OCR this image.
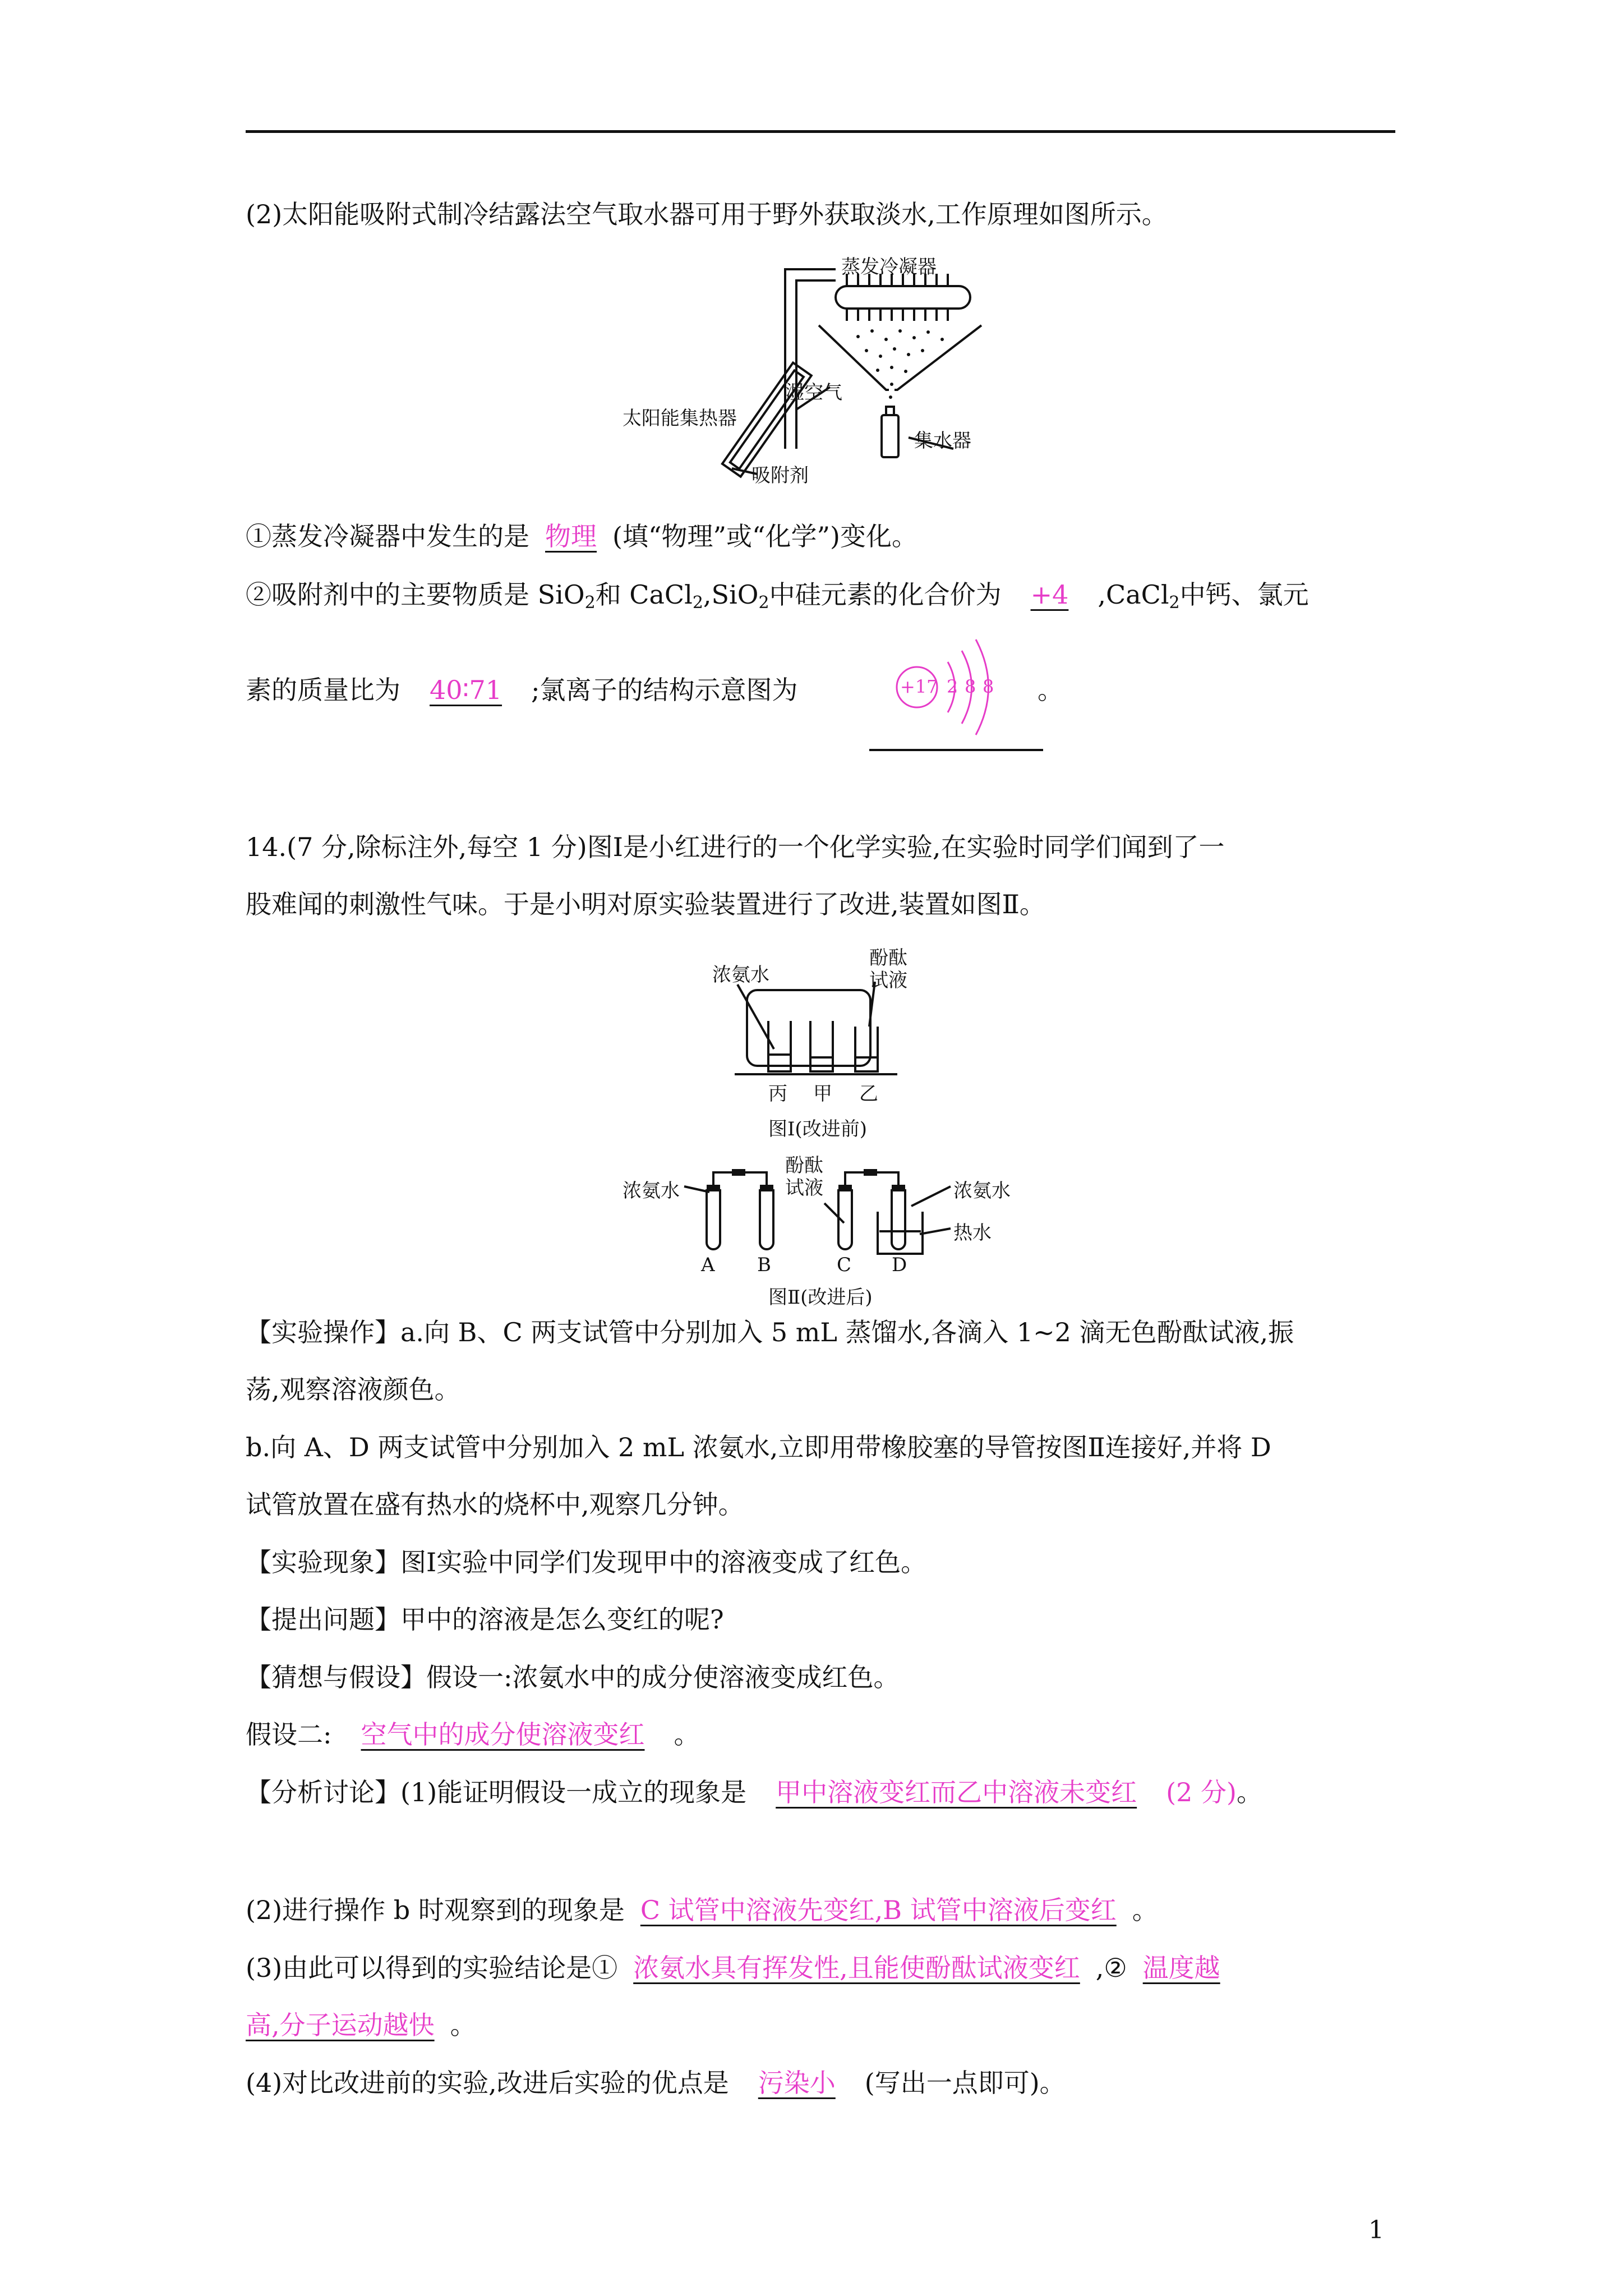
(2)太阳能吸附式制冷结露法空气取水器可用于野外获取淡水,工作原理如图所示。
蒸发冷凝器
湿空气
太阳能集热器
集水器
吸附剂
①蒸发冷凝器中发生的是 物理 (填“物理”或“化学”)变化。
②吸附剂中的主要物质是 SiO$_2$和 CaCl$_2$,SiO$_2$中硅元素的化合价为 +4 ,CaCl$_2$中钙、氯元
素的质量比为 40∶71 ;氯离子的结构示意图为	+17 2 8 8 。
14.(7 分,除标注外,每空 1 分)图Ⅰ是小红进行的一个化学实验,在实验时同学们闻到了一
股难闻的刺激性气味。于是小明对原实验装置进行了改进,装置如图Ⅱ。
浓氨水
酚酞
试液
丙 甲 乙
图Ⅰ(改进前)
浓氨水
酚酞
试液	浓氨水
热水
A B	C D
图Ⅱ(改进后)
【实验操作】a.向 B、C 两支试管中分别加入 5 mL 蒸馏水,各滴入 1~2 滴无色酚酞试液,振
荡,观察溶液颜色。
b.向 A、D 两支试管中分别加入 2 mL 浓氨水,立即用带橡胶塞的导管按图Ⅱ连接好,并将 D
试管放置在盛有热水的烧杯中,观察几分钟。
【实验现象】图Ⅰ实验中同学们发现甲中的溶液变成了红色。
【提出问题】甲中的溶液是怎么变红的呢?
【猜想与假设】假设一:浓氨水中的成分使溶液变成红色。
假设二: 空气中的成分使溶液变红 。
【分析讨论】(1)能证明假设一成立的现象是 甲中溶液变红而乙中溶液未变红 (2 分)。
(2)进行操作 b 时观察到的现象是 C 试管中溶液先变红,B 试管中溶液后变红 。
(3)由此可以得到的实验结论是① 浓氨水具有挥发性,且能使酚酞试液变红 ,② 温度越
高,分子运动越快 。
(4)对比改进前的实验,改进后实验的优点是 污染小 (写出一点即可)。
1
